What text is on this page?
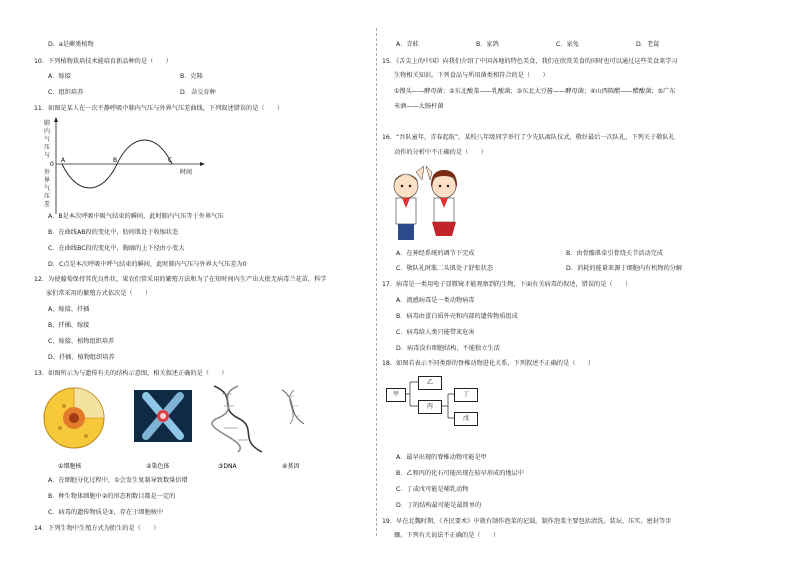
D．a是蕨类植物
10．下列植物栽培技术能培育新品种的是（　　）
A．嫁接	B．克隆
C．组织培养	D．杂交育种
11．如图是某人在一次平静呼吸中肺内气压与外界气压差曲线，下列叙述错误的是（　　）
肺
内
气
压
与
外
界
气
压
差
0
A	B	C
时间
A．B是本次呼吸中吸气结束的瞬间，此时肺内气压等于外界气压
B．在曲线AB段的变化中，肋间肌处于收缩状态
C．在曲线BC段的变化中，胸廓的上下径由小变大
D．C点是本次呼吸中呼气结束的瞬间，此时肺内气压与外界大气压差为0
12．为使葡萄保持其优良性状，果农们常采用的繁殖方法和为了在短时间内生产出大批无病毒兰花苗，科学
家们常采用的繁殖方式依次是（　　）
A、嫁接、扦插
B、扦插、嫁接
C、嫁接、植物组织培养
D、扦插、植物组织培养
13．如图所示为与遗传有关的结构示意图，相关叙述正确的是（　　）
①细胞核	②染色体	③DNA	④基因
A．在细胞分化过程中，①会发生复制导致数量倍增
B．种生物体细胞中②的形态和数目都是一定的
C．病毒的遗传物质是③，存在于细胞核中
14．下列生物中生殖方式为胎生的是（　　）
A．青蛙	B．家鸽	C．家兔	D．老鼠
15．《舌尖上的中国》向我们介绍了中国各地的特色美食，我们在欣赏美食的同时也可以通过这些美食来学习
生物相关知识。下列食品与所用菌类相符合的是（　　）
①馒头——酵母菌；②东北酸菜——乳酸菌；③东北大豆酱——酵母菌；④山西陈醋——醋酸菌；⑤广东
米酒——大肠杆菌
16．“吾队童年，青春起航”，某校八年级同学举行了少先队离队仪式，敬好最后一次队礼，下列关于敬队礼
动作的分析中不正确的是（　　）
A．在神经系统的调节下完成	B．由骨骼肌牵引骨绕关节活动完成
C．敬队礼时肱二头肌处于舒张状态	D．消耗的能量来源于细胞内有机物的分解
17．病毒是一类用电子显微镜才能观察到的生物，下面有关病毒的叙述，错误的是（　　）
A．流感病毒是一类动物病毒
B．病毒由蛋白质外壳和内部的遗传物质组成
C．病毒给人类只能带来危害
D．病毒没有细胞结构，不能独立生活
18．如图若表示不同类群的脊椎动物进化关系，下列叙述不正确的是（　　）
甲
乙
丙
丁
戊
A．最早出现的脊椎动物可能是甲
B．乙和丙的化石可能出现在较早形成的地层中
C．丁或戊可能是哺乳动物
D．丁的结构最可能是最简单的
19．早在北魏时期，《齐民要术》中就有制作泡菜的记载。制作泡菜主要包括清洗、装坛、压实、密封等步
骤。下列有关说法不正确的是（　　）
